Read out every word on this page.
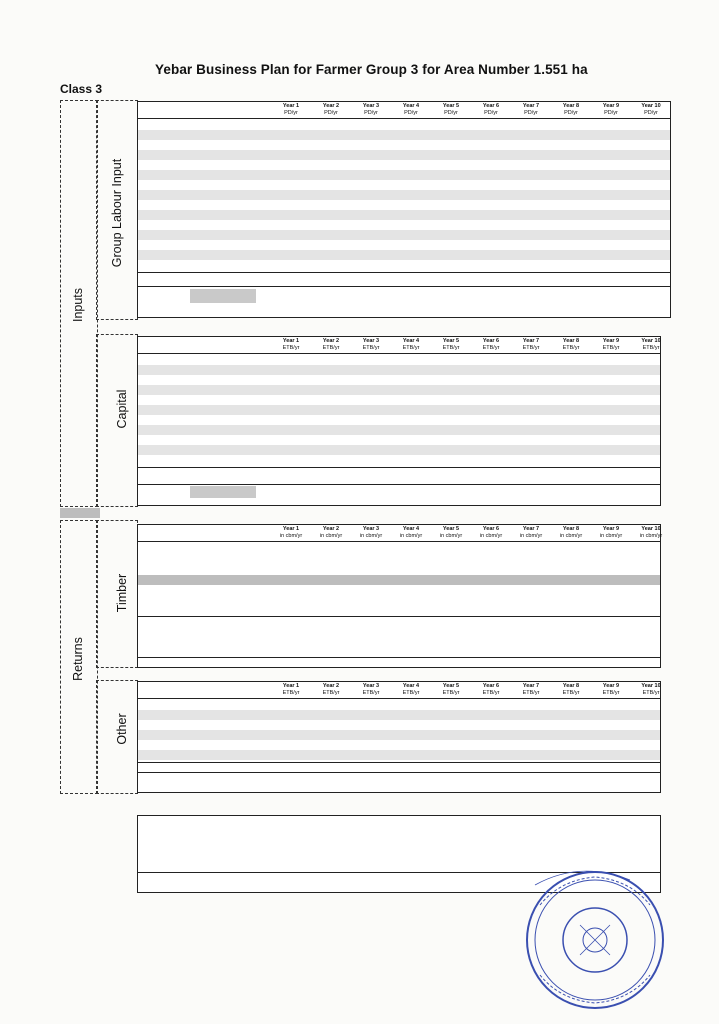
Yebar Business Plan for Farmer Group 3 for Area Number 1.551 ha
Class 3
Inputs
Group Labour Input
Capital
Returns
Timber
Other
Year 1
PD/yr
Year 2
PD/yr
Year 3
PD/yr
Year 4
PD/yr
Year 5
PD/yr
Year 6
PD/yr
Year 7
PD/yr
Year 8
PD/yr
Year 9
PD/yr
Year 10
PD/yr
Year 1
ETB/yr
Year 2
ETB/yr
Year 3
ETB/yr
Year 4
ETB/yr
Year 5
ETB/yr
Year 6
ETB/yr
Year 7
ETB/yr
Year 8
ETB/yr
Year 9
ETB/yr
Year 10
ETB/yr
Year 1
in cbm/yr
Year 2
in cbm/yr
Year 3
in cbm/yr
Year 4
in cbm/yr
Year 5
in cbm/yr
Year 6
in cbm/yr
Year 7
in cbm/yr
Year 8
in cbm/yr
Year 9
in cbm/yr
Year 10
in cbm/yr
Year 1
ETB/yr
Year 2
ETB/yr
Year 3
ETB/yr
Year 4
ETB/yr
Year 5
ETB/yr
Year 6
ETB/yr
Year 7
ETB/yr
Year 8
ETB/yr
Year 9
ETB/yr
Year 10
ETB/yr
